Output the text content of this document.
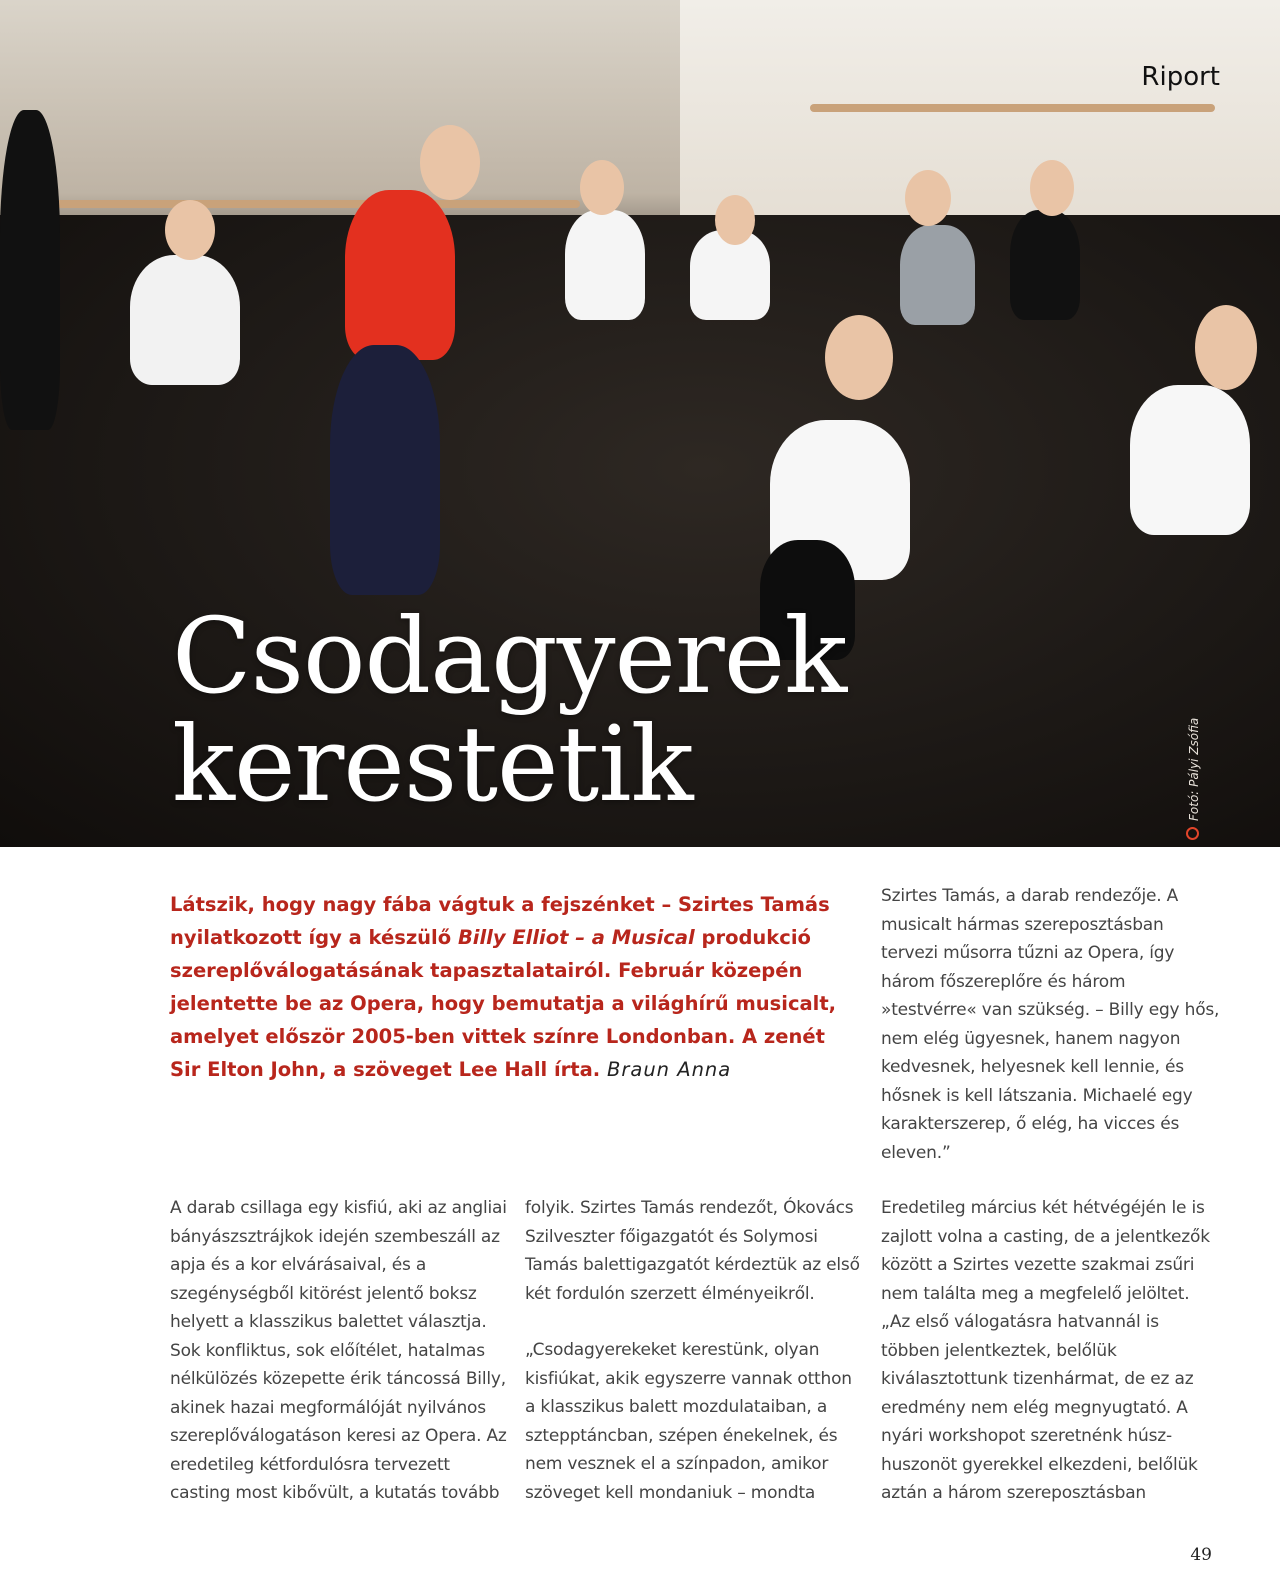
Riport
Csodagyerek
kerestetik	Fotó: Pályi Zsófia
Látszik, hogy nagy fába vágtuk a fejszénket – Szirtes Tamás nyilatkozott így a készülő Billy Elliot – a Musical produkció szereplőválogatásának tapasztalatairól. Február közepén jelentette be az Opera, hogy bemutatja a világhírű musicalt, amelyet először 2005-ben vittek színre Londonban. A zenét Sir Elton John, a szöveget Lee Hall írta. Braun Anna

Szirtes Tamás, a darab rendezője. A musicalt hármas szereposztásban tervezi műsorra tűzni az Opera, így három főszereplőre és három »testvérre« van szükség. – Billy egy hős, nem elég ügyesnek, hanem nagyon kedvesnek, helyesnek kell lennie, és hősnek is kell látszania. Michaelé egy karakterszerep, ő elég, ha vicces és eleven.”

A darab csillaga egy kisfiú, aki az angliai bányászsztrájkok idején szembeszáll az apja és a kor elvárásaival, és a szegénységből kitörést jelentő boksz helyett a klasszikus balettet választja. Sok konfliktus, sok előítélet, hatalmas nélkülözés közepette érik táncossá Billy, akinek hazai megformálóját nyilvános szereplőválogatáson keresi az Opera. Az eredetileg kétfordulósra tervezett casting most kibővült, a kutatás tovább

folyik. Szirtes Tamás rendezőt, Ókovács Szilveszter főigazgatót és Solymosi Tamás balettigazgatót kérdeztük az első két fordulón szerzett élményeikről.

„Csodagyerekeket kerestünk, olyan kisfiúkat, akik egyszerre vannak otthon a klasszikus balett mozdulataiban, a sztepptáncban, szépen énekelnek, és nem vesznek el a színpadon, amikor szöveget kell mondaniuk – mondta

Eredetileg március két hétvégéjén le is zajlott volna a casting, de a jelentkezők között a Szirtes vezette szakmai zsűri nem találta meg a megfelelő jelöltet. „Az első válogatásra hatvannál is többen jelentkeztek, belőlük kiválasztottunk tizenhármat, de ez az eredmény nem elég megnyugtató. A nyári workshopot szeretnénk húsz-huszonöt gyerekkel elkezdeni, belőlük aztán a három szereposztásban

49
